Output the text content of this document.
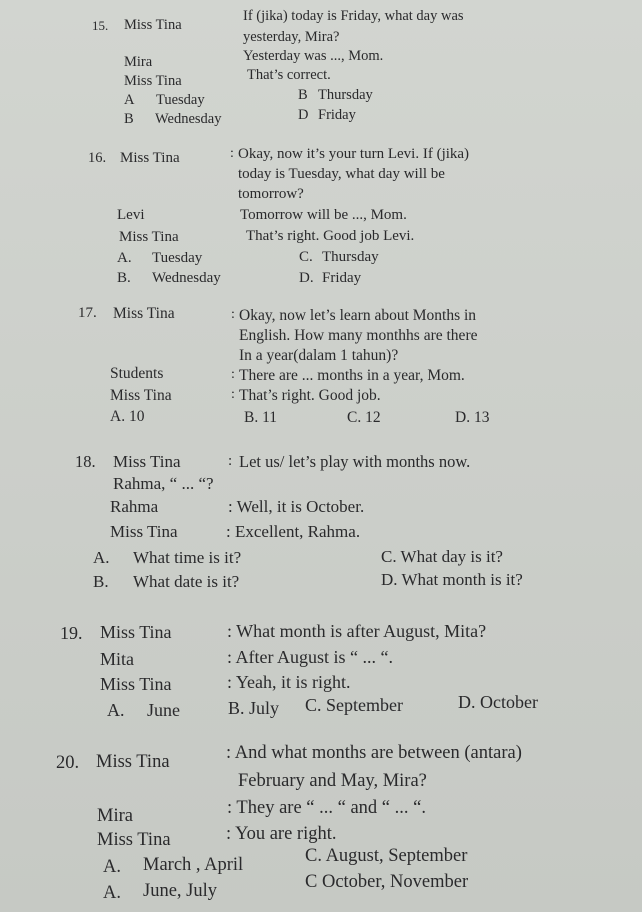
15. Miss Tina
If (jika) today is Friday, what day was
yesterday, Mira?
Mira	Yesterday was ..., Mom.
Miss Tina	That’s correct.
A Tuesday
B Wednesday
B Thursday
D Friday
16. Miss Tina	: Okay, now it’s your turn Levi. If (jika)
today is Tuesday, what day will be
tomorrow?
Levi	Tomorrow will be ..., Mom.
Miss Tina	That’s right. Good job Levi.
A. Tuesday
B. Wednesday
C. Thursday
D. Friday
17. Miss Tina	: Okay, now let’s learn about Months in
English. How many monthhs are there
In a year(dalam 1 tahun)?
Students	: There are ... months in a year, Mom.
Miss Tina	: That’s right. Good job.
A. 10	B. 11	C. 12	D. 13
18. Miss Tina	: Let us/ let’s play with months now.
Rahma, “ ... “?
Rahma	: Well, it is October.
Miss Tina	: Excellent, Rahma.
A. What time is it?
B. What date is it?
C. What day is it?
D. What month is it?
19. Miss Tina	: What month is after August, Mita?
Mita	: After August is “ ... “.
Miss Tina	: Yeah, it is right.
A. June	B. July C. September	D. October
20. Miss Tina	: And what months are between (antara)
February and May, Mira?
Mira	: They are “ ... “ and “ ... “.
Miss Tina	: You are right.
A. March , April
A. June, July
C. August, September
C October, November
